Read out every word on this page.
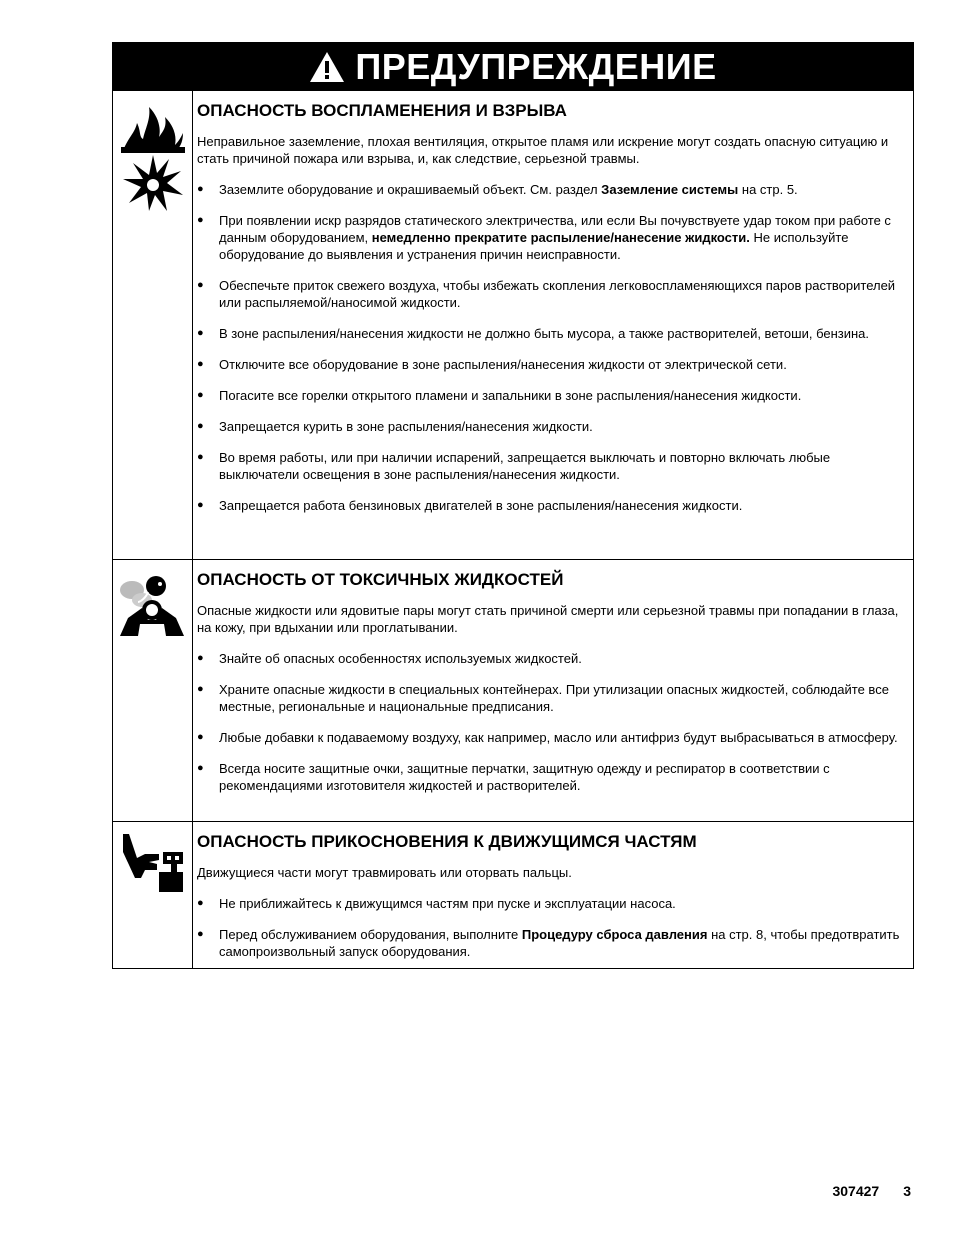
ПРЕДУПРЕЖДЕНИЕ
ОПАСНОСТЬ ВОСПЛАМЕНЕНИЯ И ВЗРЫВА
Неправильное заземление, плохая вентиляция, открытое пламя или искрение могут создать опасную ситуацию и стать причиной пожара или взрыва, и, как следствие, серьезной травмы.
● Заземлите оборудование и окрашиваемый объект. См. раздел Заземление системы на стр. 5.
● При появлении искр разрядов статического электричества, или если Вы почувствуете удар током при работе с данным оборудованием, немедленно прекратите распыление/нанесение жидкости. Не используйте оборудование до выявления и устранения причин неисправности.
● Обеспечьте приток свежего воздуха, чтобы избежать скопления легковоспламеняющихся паров растворителей или распыляемой/наносимой жидкости.
● В зоне распыления/нанесения жидкости не должно быть мусора, а также растворителей, ветоши, бензина.
● Отключите все оборудование в зоне распыления/нанесения жидкости от электрической сети.
● Погасите все горелки открытого пламени и запальники в зоне распыления/нанесения жидкости.
● Запрещается курить в зоне распыления/нанесения жидкости.
● Во время работы, или при наличии испарений, запрещается выключать и повторно включать любые выключатели освещения в зоне распыления/нанесения жидкости.
● Запрещается работа бензиновых двигателей в зоне распыления/нанесения жидкости.
ОПАСНОСТЬ ОТ ТОКСИЧНЫХ ЖИДКОСТЕЙ
Опасные жидкости или ядовитые пары могут стать причиной смерти или серьезной травмы при попадании в глаза, на кожу, при вдыхании или проглатывании.
● Знайте об опасных особенностях используемых жидкостей.
● Храните опасные жидкости в специальных контейнерах. При утилизации опасных жидкостей, соблюдайте все местные, региональные и национальные предписания.
● Любые добавки к подаваемому воздуху, как например, масло или антифриз будут выбрасываться в атмосферу.
● Всегда носите защитные очки, защитные перчатки, защитную одежду и респиратор в соответствии с рекомендациями изготовителя жидкостей и растворителей.
ОПАСНОСТЬ ПРИКОСНОВЕНИЯ К ДВИЖУЩИМСЯ ЧАСТЯМ
Движущиеся части могут травмировать или оторвать пальцы.
● Не приближайтесь к движущимся частям при пуске и эксплуатации насоса.
● Перед обслуживанием оборудования, выполните Процедуру сброса давления на стр. 8, чтобы предотвратить самопроизвольный запуск оборудования.
307427 3
